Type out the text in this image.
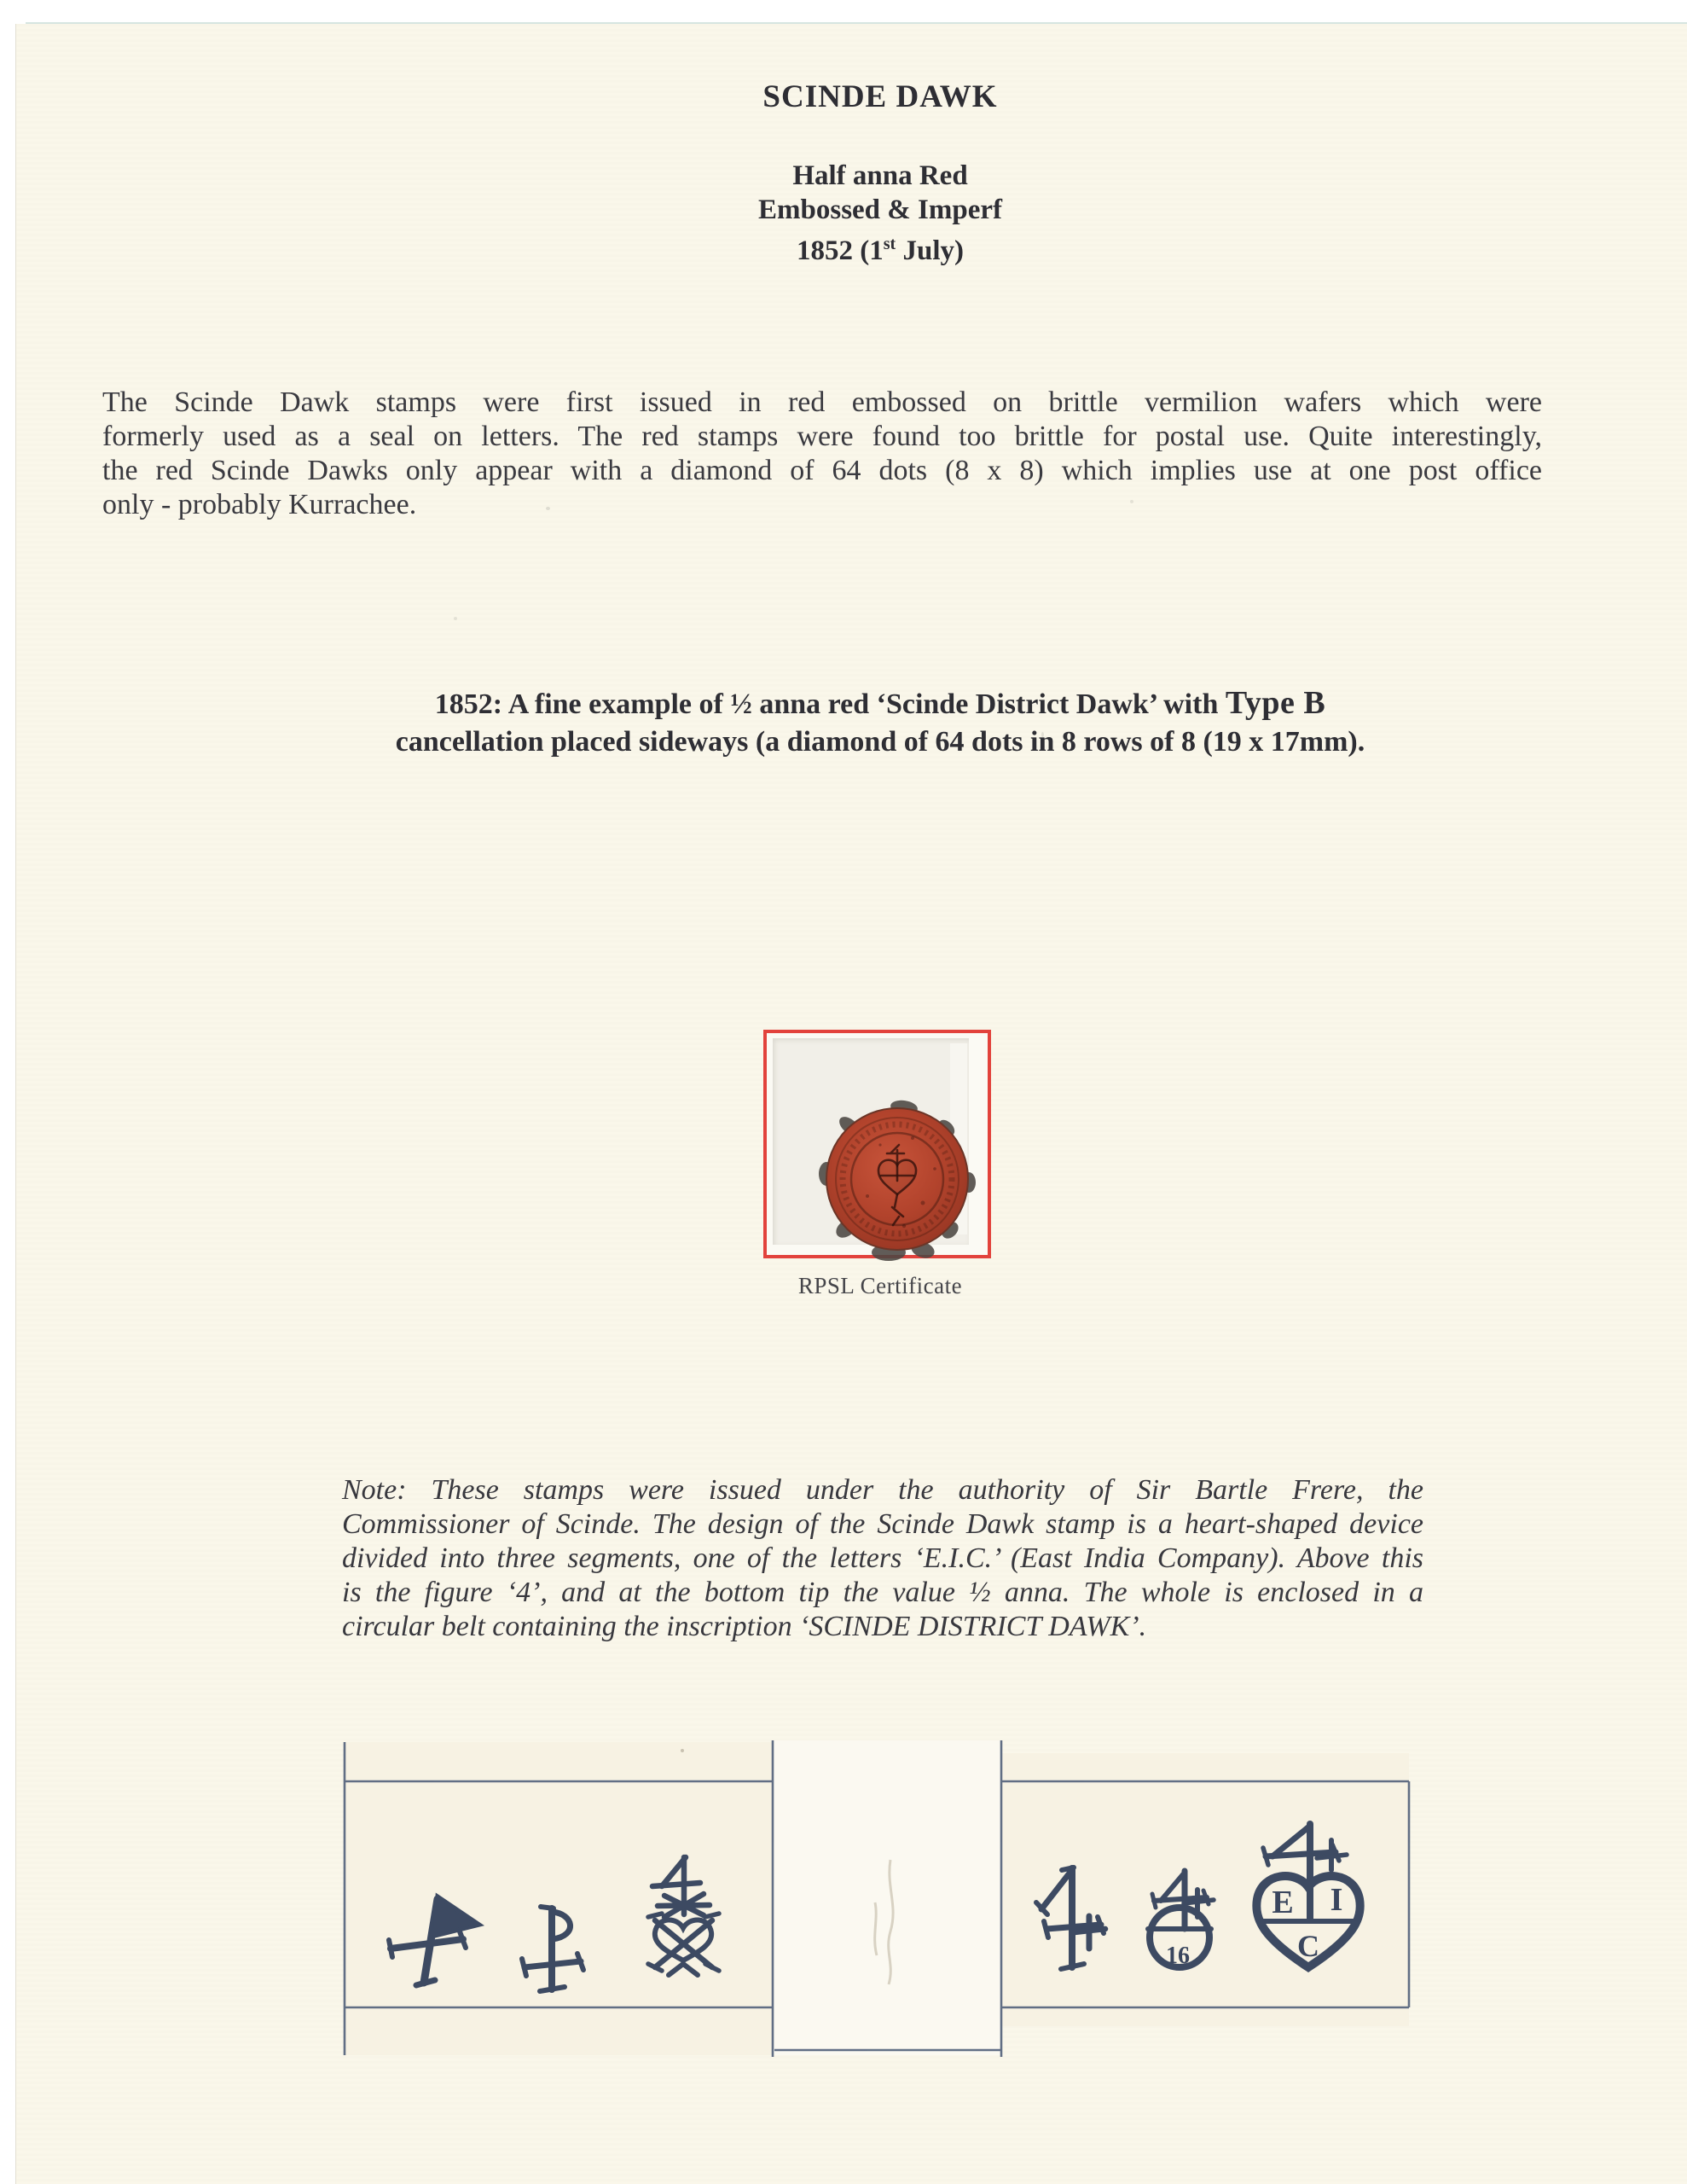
SCINDE DAWK
Half anna Red
Embossed & Imperf
1852 (1st July)
The Scinde Dawk stamps were first issued in red embossed on brittle vermilion wafers which were
formerly used as a seal on letters. The red stamps were found too brittle for postal use. Quite interestingly,
the red Scinde Dawks only appear with a diamond of 64 dots (8 x 8) which implies use at one post office
only - probably Kurrachee.
1852: A fine example of ½ anna red ‘Scinde District Dawk’ with Type B
cancellation placed sideways (a diamond of 64 dots in 8 rows of 8 (19 x 17mm).
RPSL Certificate
Note: These stamps were issued under the authority of Sir Bartle Frere, the
Commissioner of Scinde. The design of the Scinde Dawk stamp is a heart-shaped device
divided into three segments, one of the letters ‘E.I.C.’ (East India Company). Above this
is the figure ‘4’, and at the bottom tip the value ½ anna. The whole is enclosed in a
circular belt containing the inscription ‘SCINDE DISTRICT DAWK’.
16
E I
C
